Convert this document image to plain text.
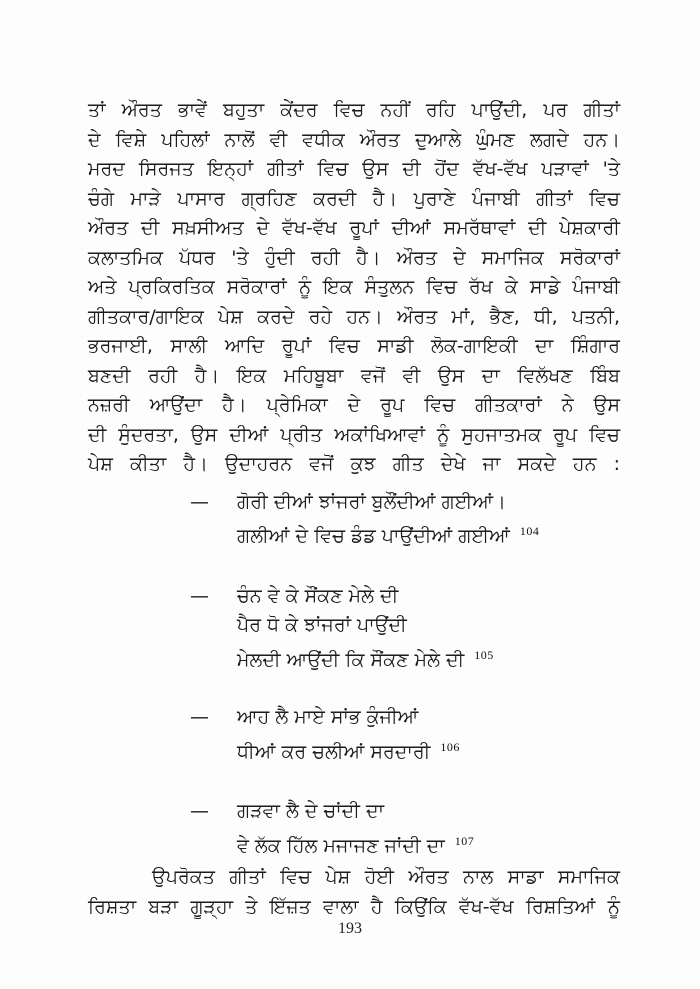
ਤਾਂ ਔਰਤ ਭਾਵੇਂ ਬਹੁਤਾ ਕੇਂਦਰ ਵਿਚ ਨਹੀਂ ਰਹਿ ਪਾਉਂਦੀ, ਪਰ ਗੀਤਾਂ
ਦੇ ਵਿਸ਼ੇ ਪਹਿਲਾਂ ਨਾਲੋਂ ਵੀ ਵਧੀਕ ਔਰਤ ਦੁਆਲੇ ਘੁੰਮਣ ਲਗਦੇ ਹਨ।
ਮਰਦ ਸਿਰਜਤ ਇਨ੍ਹਾਂ ਗੀਤਾਂ ਵਿਚ ਉਸ ਦੀ ਹੋਂਦ ਵੱਖ-ਵੱਖ ਪੜਾਵਾਂ 'ਤੇ
ਚੰਗੇ ਮਾੜੇ ਪਾਸਾਰ ਗ੍ਰਹਿਣ ਕਰਦੀ ਹੈ। ਪੁਰਾਣੇ ਪੰਜਾਬੀ ਗੀਤਾਂ ਵਿਚ
ਔਰਤ ਦੀ ਸਖ਼ਸੀਅਤ ਦੇ ਵੱਖ-ਵੱਖ ਰੂਪਾਂ ਦੀਆਂ ਸਮਰੱਥਾਵਾਂ ਦੀ ਪੇਸ਼ਕਾਰੀ
ਕਲਾਤਮਿਕ ਪੱਧਰ 'ਤੇ ਹੁੰਦੀ ਰਹੀ ਹੈ। ਔਰਤ ਦੇ ਸਮਾਜਿਕ ਸਰੋਕਾਰਾਂ
ਅਤੇ ਪ੍ਰਕਿਰਤਿਕ ਸਰੋਕਾਰਾਂ ਨੂੰ ਇਕ ਸੰਤੁਲਨ ਵਿਚ ਰੱਖ ਕੇ ਸਾਡੇ ਪੰਜਾਬੀ
ਗੀਤਕਾਰ/ਗਾਇਕ ਪੇਸ਼ ਕਰਦੇ ਰਹੇ ਹਨ। ਔਰਤ ਮਾਂ, ਭੈਣ, ਧੀ, ਪਤਨੀ,
ਭਰਜਾਈ, ਸਾਲੀ ਆਦਿ ਰੂਪਾਂ ਵਿਚ ਸਾਡੀ ਲੋਕ-ਗਾਇਕੀ ਦਾ ਸ਼ਿੰਗਾਰ
ਬਣਦੀ ਰਹੀ ਹੈ। ਇਕ ਮਹਿਬੂਬਾ ਵਜੋਂ ਵੀ ਉਸ ਦਾ ਵਿਲੱਖਣ ਬਿੰਬ
ਨਜ਼ਰੀ ਆਉਂਦਾ ਹੈ। ਪ੍ਰੇਮਿਕਾ ਦੇ ਰੂਪ ਵਿਚ ਗੀਤਕਾਰਾਂ ਨੇ ਉਸ
ਦੀ ਸੁੰਦਰਤਾ, ਉਸ ਦੀਆਂ ਪ੍ਰੀਤ ਅਕਾਂਖਿਆਵਾਂ ਨੂੰ ਸੁਹਜਾਤਮਕ ਰੂਪ ਵਿਚ
ਪੇਸ਼ ਕੀਤਾ ਹੈ। ਉਦਾਹਰਨ ਵਜੋਂ ਕੁਝ ਗੀਤ ਦੇਖੇ ਜਾ ਸਕਦੇ ਹਨ :
— ਗੋਰੀ ਦੀਆਂ ਝਾਂਜਰਾਂ ਬੁਲੌਂਦੀਆਂ ਗਈਆਂ।
ਗਲੀਆਂ ਦੇ ਵਿਚ ਡੰਡ ਪਾਉਂਦੀਆਂ ਗਈਆਂ $^{104}$
— ਚੰਨ ਵੇ ਕੇ ਸੌਂਕਣ ਮੇਲੇ ਦੀ
ਪੈਰ ਧੋ ਕੇ ਝਾਂਜਰਾਂ ਪਾਉਂਦੀ
ਮੇਲਦੀ ਆਉਂਦੀ ਕਿ ਸੌਂਕਣ ਮੇਲੇ ਦੀ $^{105}$
— ਆਹ ਲੈ ਮਾਏ ਸਾਂਭ ਕੁੰਜੀਆਂ
ਧੀਆਂ ਕਰ ਚਲੀਆਂ ਸਰਦਾਰੀ $^{106}$
— ਗੜਵਾ ਲੈ ਦੇ ਚਾਂਦੀ ਦਾ
ਵੇ ਲੱਕ ਹਿੱਲ ਮਜਾਜਣ ਜਾਂਦੀ ਦਾ $^{107}$
ਉਪਰੋਕਤ ਗੀਤਾਂ ਵਿਚ ਪੇਸ਼ ਹੋਈ ਔਰਤ ਨਾਲ ਸਾਡਾ ਸਮਾਜਿਕ
ਰਿਸ਼ਤਾ ਬੜਾ ਗੂੜ੍ਹਾ ਤੇ ਇੱਜ਼ਤ ਵਾਲਾ ਹੈ ਕਿਉਂਕਿ ਵੱਖ-ਵੱਖ ਰਿਸ਼ਤਿਆਂ ਨੂੰ
193
